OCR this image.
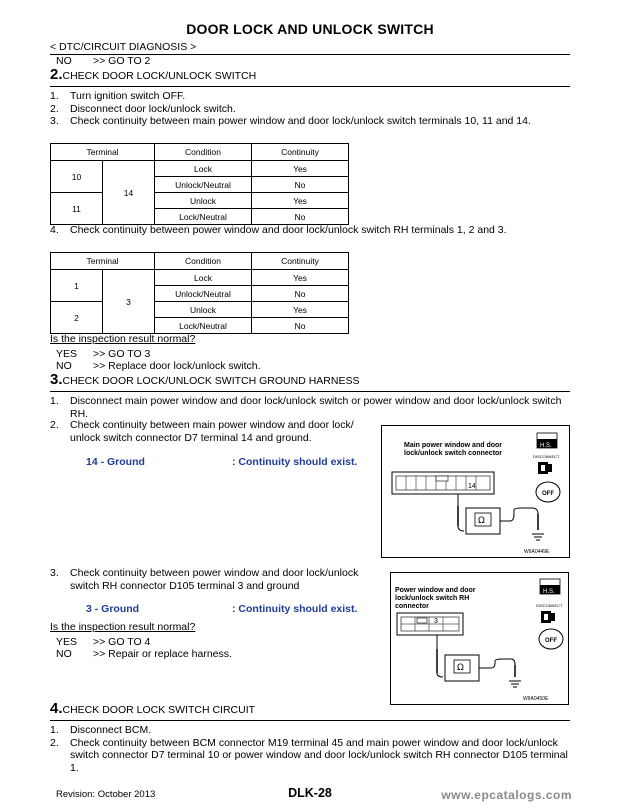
DOOR LOCK AND UNLOCK SWITCH
< DTC/CIRCUIT DIAGNOSIS >
NO >> GO TO 2
2.CHECK DOOR LOCK/UNLOCK SWITCH
1.	Turn ignition switch OFF.
2.	Disconnect door lock/unlock switch.
3.	Check continuity between main power window and door lock/unlock switch terminals 10, 11 and 14.
Terminal		Condition	Continuity
10	14	Lock	Yes
		Unlock/Neutral	No
11		Unlock	Yes
		Lock/Neutral	No
4.	Check continuity between power window and door lock/unlock switch RH terminals 1, 2 and 3.
Terminal		Condition	Continuity
1	3	Lock	Yes
		Unlock/Neutral	No
2		Unlock	Yes
		Lock/Neutral	No
Is the inspection result normal?
YES >> GO TO 3
NO >> Replace door lock/unlock switch.
3.CHECK DOOR LOCK/UNLOCK SWITCH GROUND HARNESS
1.	Disconnect main power window and door lock/unlock switch or power window and door lock/unlock switch RH.
2.	Check continuity between main power window and door lock/ unlock switch connector D7 terminal 14 and ground.
14 - Ground	: Continuity should exist.
Main power window and door lock/unlock switch connector
14
Ω
H.S.
DISCONNECT
OFF
WIIA0449E
3.	Check continuity between power window and door lock/unlock switch RH connector D105 terminal 3 and ground
3 - Ground	: Continuity should exist.
Power window and door lock/unlock switch RH connector
3
Ω
H.S.
DISCONNECT
OFF
WIIA0450E
Is the inspection result normal?
YES >> GO TO 4
NO >> Repair or replace harness.
4.CHECK DOOR LOCK SWITCH CIRCUIT
1.	Disconnect BCM.
2.	Check continuity between BCM connector M19 terminal 45 and main power window and door lock/unlock switch connector D7 terminal 10 or power window and door lock/unlock switch RH connector D105 terminal 1.
Revision: October 2013	DLK-28	www.epcatalogs.com
